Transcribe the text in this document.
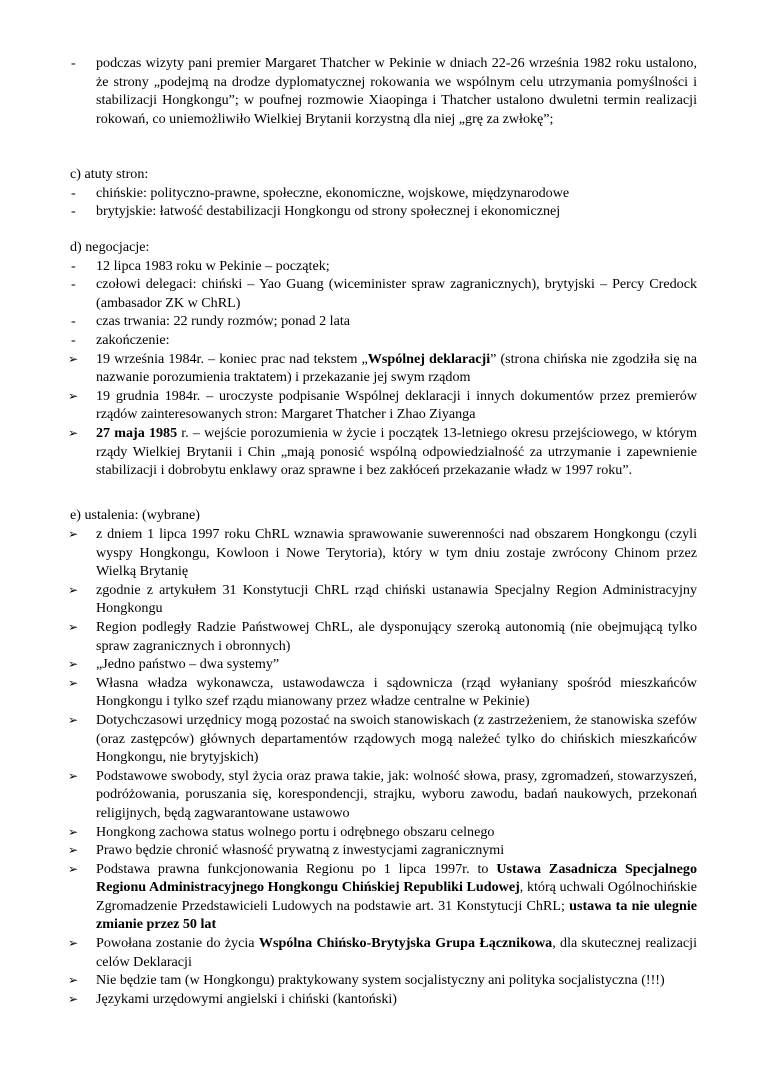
-	podczas wizyty pani premier Margaret Thatcher w Pekinie w dniach 22-26 września 1982 roku ustalono, że strony „podejmą na drodze dyplomatycznej rokowania we wspólnym celu utrzymania pomyślności i stabilizacji Hongkongu”; w poufnej rozmowie Xiaopinga i Thatcher ustalono dwuletni termin realizacji rokowań, co uniemożliwiło Wielkiej Brytanii korzystną dla niej „grę za zwłokę”;
c) atuty stron:
-	chińskie: polityczno-prawne, społeczne, ekonomiczne, wojskowe, międzynarodowe
-	brytyjskie: łatwość destabilizacji Hongkongu od strony społecznej i ekonomicznej
d) negocjacje:
-	12 lipca 1983 roku w Pekinie – początek;
-	czołowi delegaci: chiński – Yao Guang (wiceminister spraw zagranicznych), brytyjski – Percy Credock (ambasador ZK w ChRL)
-	czas trwania: 22 rundy rozmów; ponad 2 lata
-	zakończenie:
➢	19 września 1984r. – koniec prac nad tekstem „Wspólnej deklaracji” (strona chińska nie zgodziła się na nazwanie porozumienia traktatem) i przekazanie jej swym rządom
➢	19 grudnia 1984r. – uroczyste podpisanie Wspólnej deklaracji i innych dokumentów przez premierów rządów zainteresowanych stron: Margaret Thatcher i Zhao Ziyanga
➢	27 maja 1985 r. – wejście porozumienia w życie i początek 13-letniego okresu przejściowego, w którym rządy Wielkiej Brytanii i Chin „mają ponosić wspólną odpowiedzialność za utrzymanie i zapewnienie stabilizacji i dobrobytu enklawy oraz sprawne i bez zakłóceń przekazanie władz w 1997 roku”.
e) ustalenia: (wybrane)
➢	z dniem 1 lipca 1997 roku ChRL wznawia sprawowanie suwerenności nad obszarem Hongkongu (czyli wyspy Hongkongu, Kowloon i Nowe Terytoria), który w tym dniu zostaje zwrócony Chinom przez Wielką Brytanię
➢	zgodnie z artykułem 31 Konstytucji ChRL rząd chiński ustanawia Specjalny Region Administracyjny Hongkongu
➢	Region podległy Radzie Państwowej ChRL, ale dysponujący szeroką autonomią (nie obejmującą tylko spraw zagranicznych i obronnych)
➢	„Jedno państwo – dwa systemy”
➢	Własna władza wykonawcza, ustawodawcza i sądownicza (rząd wyłaniany spośród mieszkańców Hongkongu i tylko szef rządu mianowany przez władze centralne w Pekinie)
➢	Dotychczasowi urzędnicy mogą pozostać na swoich stanowiskach (z zastrzeżeniem, że stanowiska szefów (oraz zastępców) głównych departamentów rządowych mogą należeć tylko do chińskich mieszkańców Hongkongu, nie brytyjskich)
➢	Podstawowe swobody, styl życia oraz prawa takie, jak: wolność słowa, prasy, zgromadzeń, stowarzyszeń, podróżowania, poruszania się, korespondencji, strajku, wyboru zawodu, badań naukowych, przekonań religijnych, będą zagwarantowane ustawowo
➢	Hongkong zachowa status wolnego portu i odrębnego obszaru celnego
➢	Prawo będzie chronić własność prywatną z inwestycjami zagranicznymi
➢	Podstawa prawna funkcjonowania Regionu po 1 lipca 1997r. to Ustawa Zasadnicza Specjalnego Regionu Administracyjnego Hongkongu Chińskiej Republiki Ludowej, którą uchwali Ogólnochińskie Zgromadzenie Przedstawicieli Ludowych na podstawie art. 31 Konstytucji ChRL; ustawa ta nie ulegnie zmianie przez 50 lat
➢	Powołana zostanie do życia Wspólna Chińsko-Brytyjska Grupa Łącznikowa, dla skutecznej realizacji celów Deklaracji
➢	Nie będzie tam (w Hongkongu) praktykowany system socjalistyczny ani polityka socjalistyczna (!!!)
➢	Językami urzędowymi angielski i chiński (kantoński)
